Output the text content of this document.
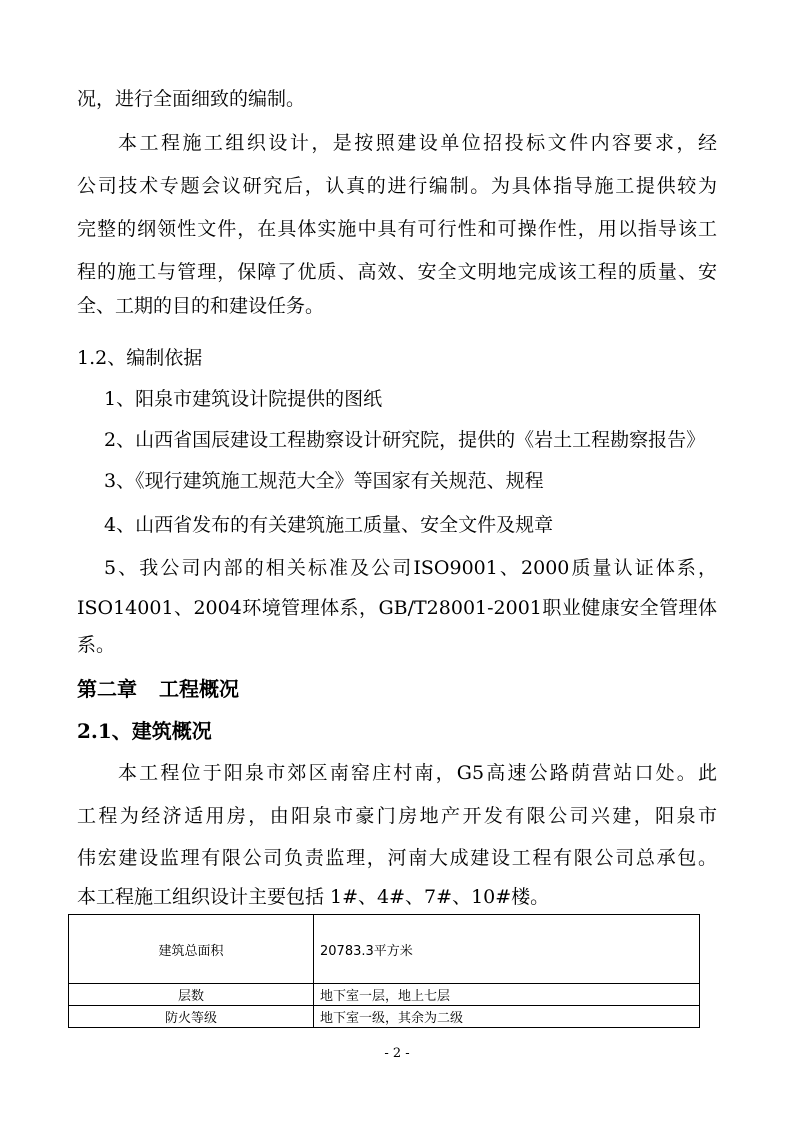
况，进行全面细致的编制。
本工程施工组织设计，是按照建设单位招投标文件内容要求，经
公司技术专题会议研究后，认真的进行编制。为具体指导施工提供较为
完整的纲领性文件，在具体实施中具有可行性和可操作性，用以指导该工
程的施工与管理，保障了优质、高效、安全文明地完成该工程的质量、安
全、工期的目的和建设任务。
1.2、编制依据
1、阳泉市建筑设计院提供的图纸
2、山西省国辰建设工程勘察设计研究院，提供的《岩土工程勘察报告》
3、《现行建筑施工规范大全》等国家有关规范、规程
4、山西省发布的有关建筑施工质量、安全文件及规章
5、我公司内部的相关标准及公司ISO9001、2000质量认证体系，
ISO14001、2004环境管理体系，GB/T28001-2001职业健康安全管理体
系。
第二章 工程概况
2.1、建筑概况
本工程位于阳泉市郊区南窑庄村南，G5高速公路荫营站口处。此
工程为经济适用房，由阳泉市豪门房地产开发有限公司兴建，阳泉市
伟宏建设监理有限公司负责监理，河南大成建设工程有限公司总承包。
本工程施工组织设计主要包括 1#、4#、7#、10#楼。
建筑总面积	20783.3平方米
层数	地下室一层，地上七层
防火等级	地下室一级，其余为二级
- 2 -
